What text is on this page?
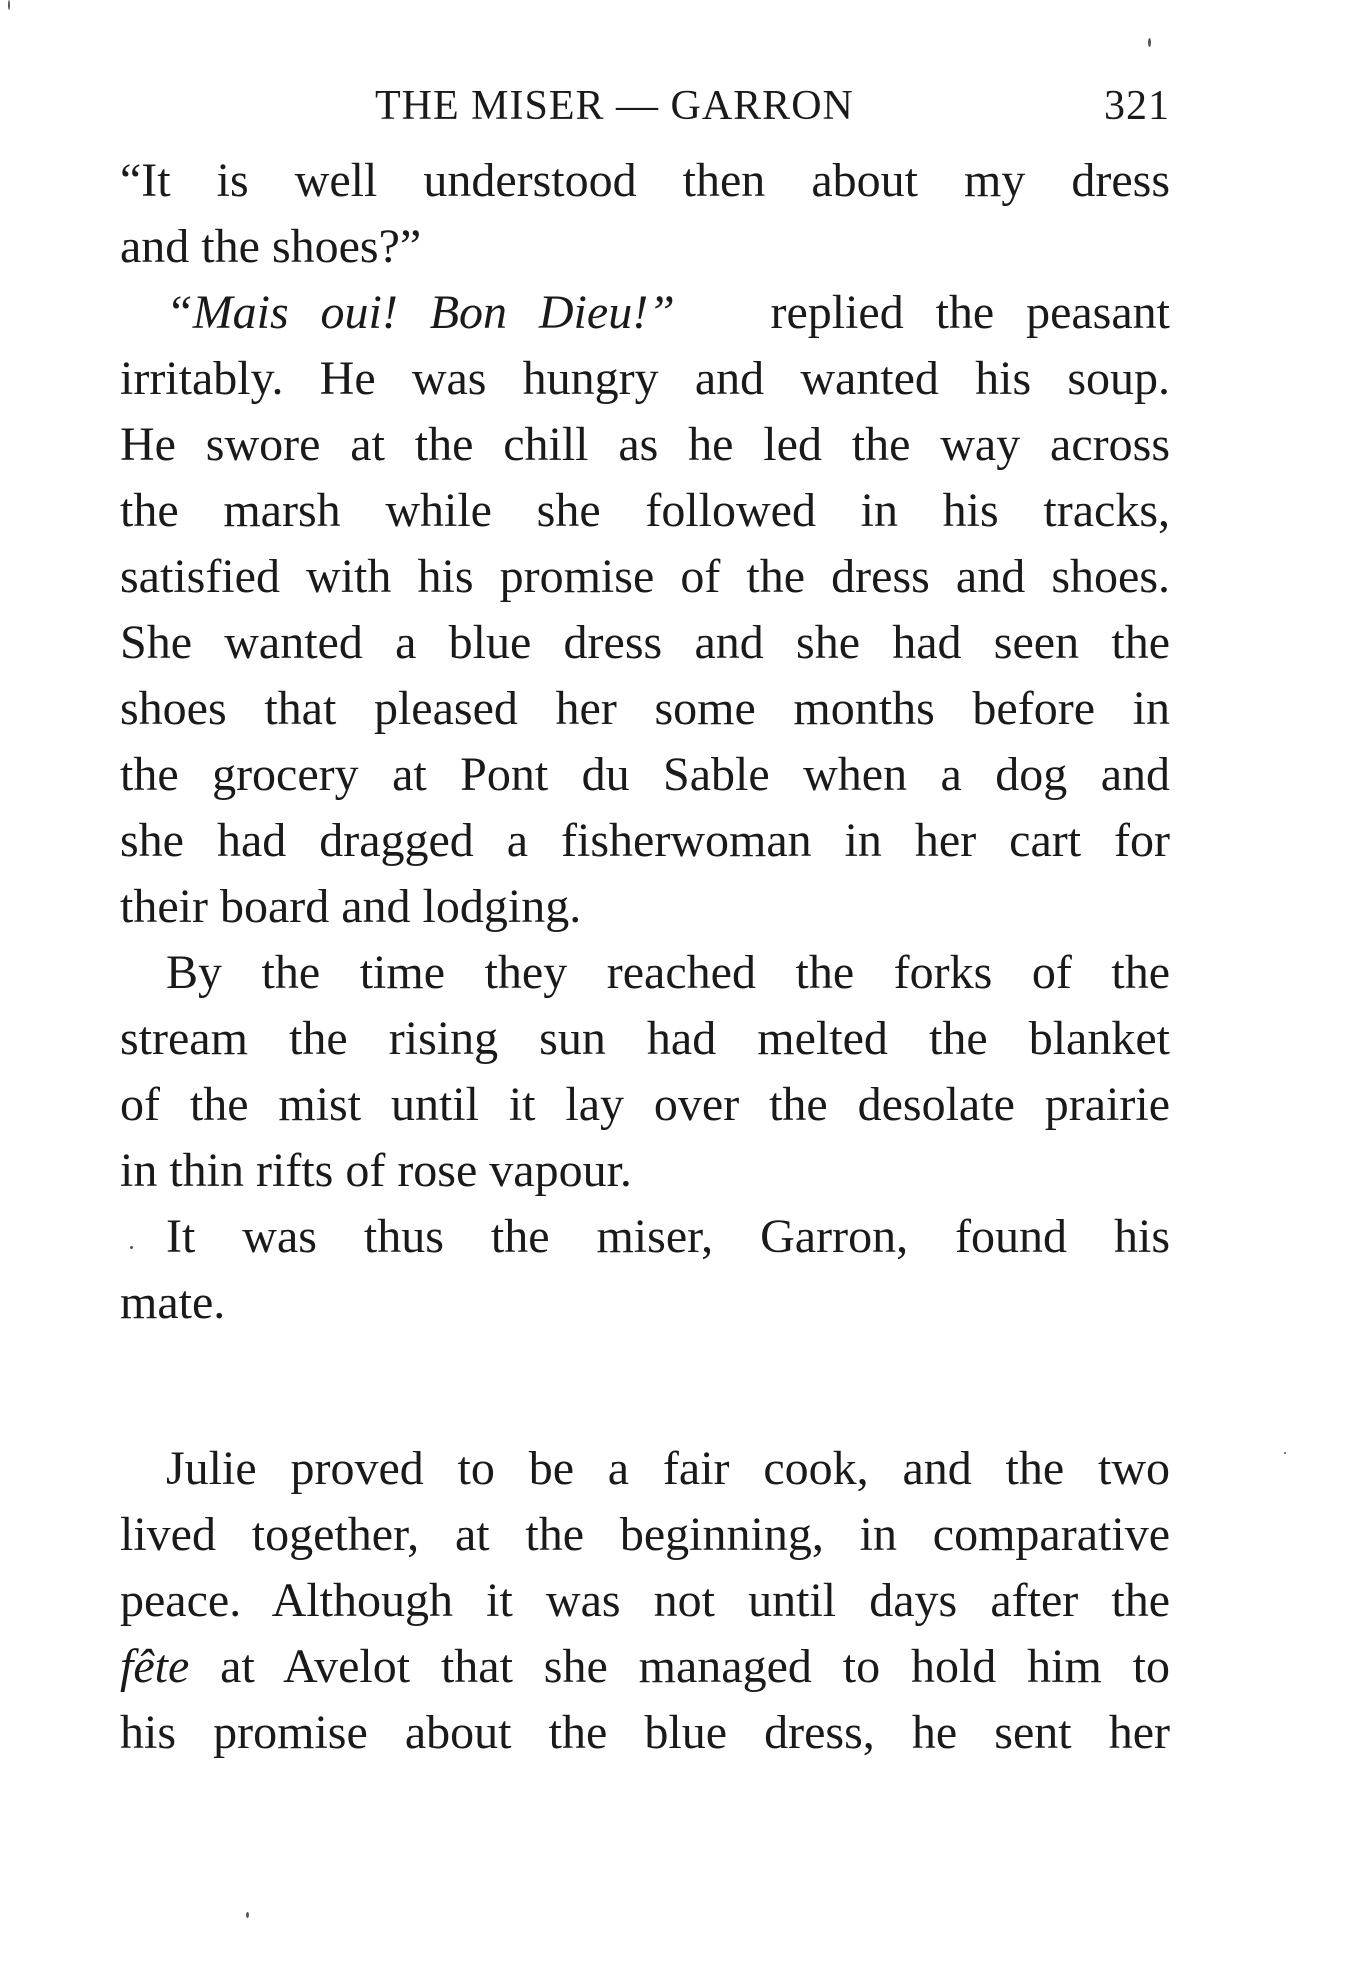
THE MISER — GARRON	321
“It is well understood then about my dress
and the shoes?”
“Mais oui! Bon Dieu!” replied the peasant
irritably. He was hungry and wanted his soup.
He swore at the chill as he led the way across
the marsh while she followed in his tracks,
satisfied with his promise of the dress and shoes.
She wanted a blue dress and she had seen the
shoes that pleased her some months before in
the grocery at Pont du Sable when a dog and
she had dragged a fisherwoman in her cart for
their board and lodging.
By the time they reached the forks of the
stream the rising sun had melted the blanket
of the mist until it lay over the desolate prairie
in thin rifts of rose vapour.
It was thus the miser, Garron, found his
mate.
Julie proved to be a fair cook, and the two
lived together, at the beginning, in comparative
peace. Although it was not until days after the
fête at Avelot that she managed to hold him to
his promise about the blue dress, he sent her
